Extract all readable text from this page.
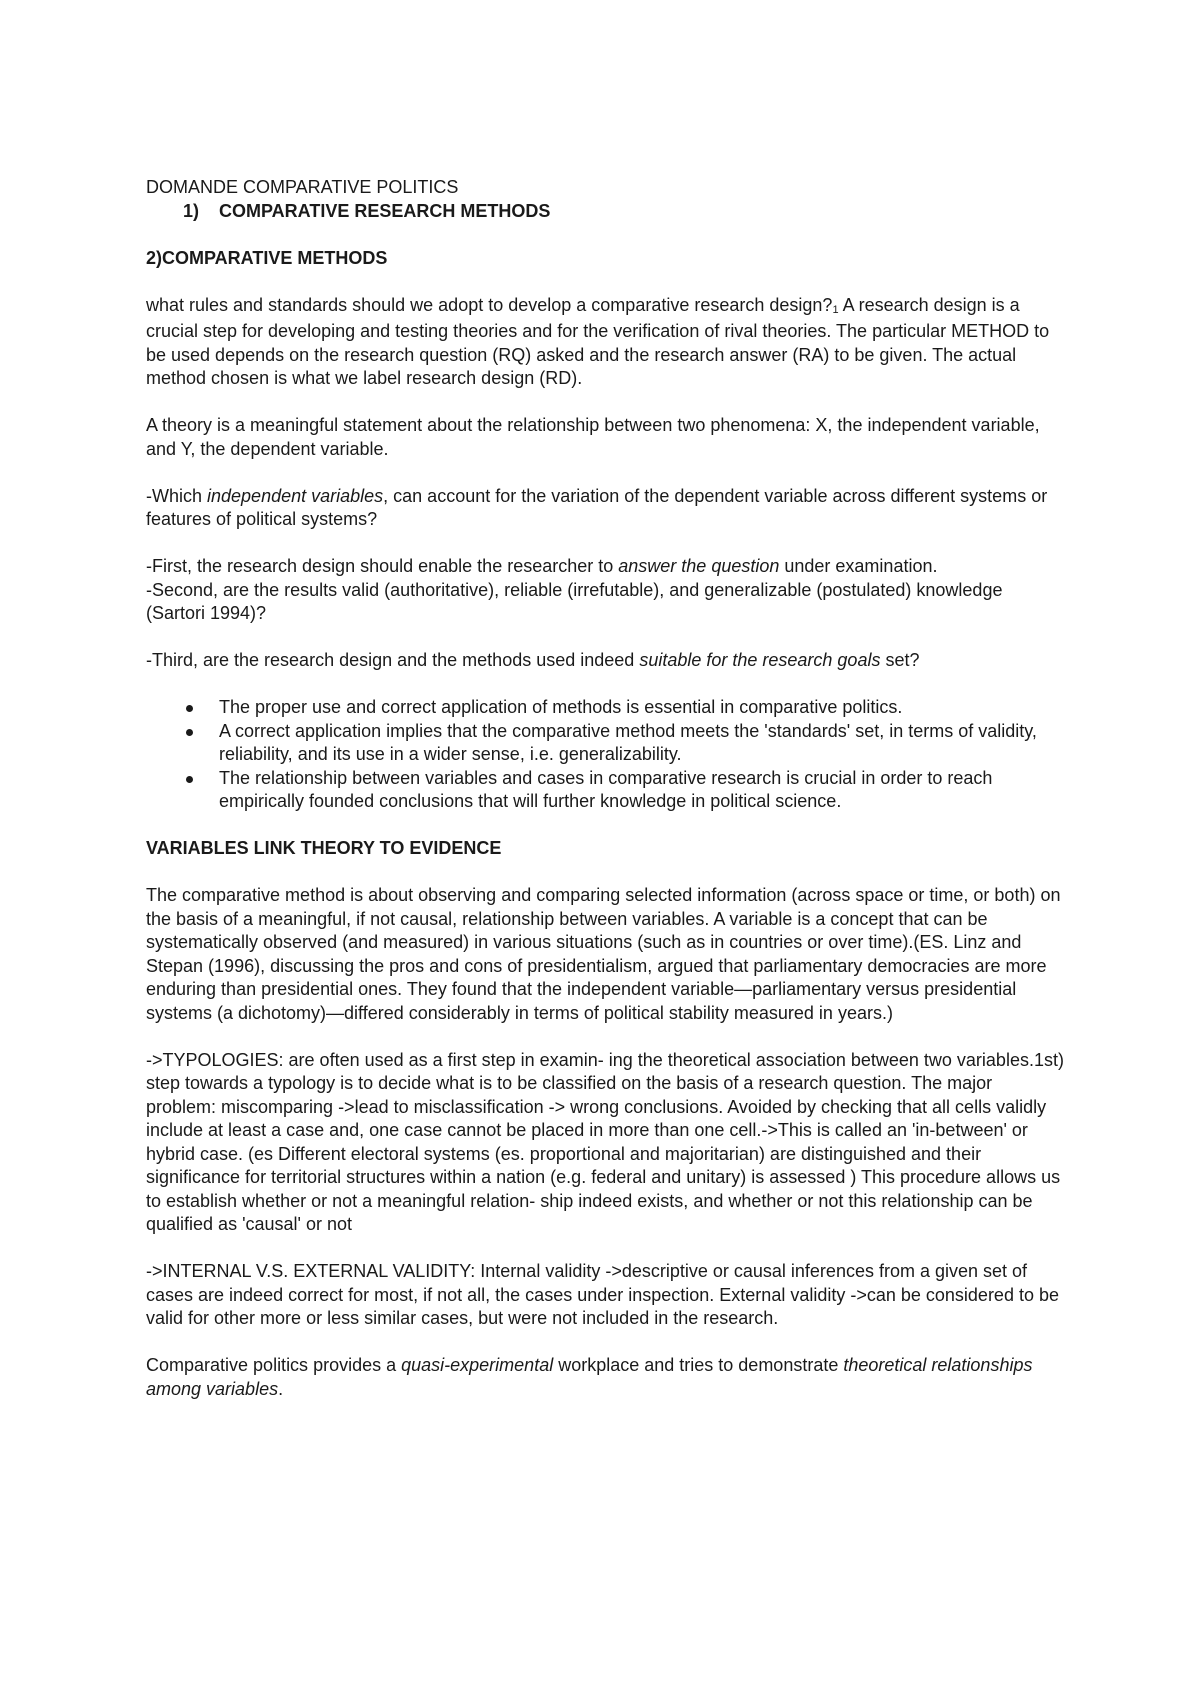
DOMANDE COMPARATIVE POLITICS

1) COMPARATIVE RESEARCH METHODS

2)COMPARATIVE METHODS

what rules and standards should we adopt to develop a comparative research design?1 A research design is a crucial step for developing and testing theories and for the verification of rival theories. The particular METHOD to be used depends on the research question (RQ) asked and the research answer (RA) to be given. The actual method chosen is what we label research design (RD).

A theory is a meaningful statement about the relationship between two phenomena: X, the independent variable, and Y, the dependent variable.

-Which independent variables, can account for the variation of the dependent variable across different systems or features of political systems?

-First, the research design should enable the researcher to answer the question under examination.

-Second, are the results valid (authoritative), reliable (irrefutable), and generalizable (postulated) knowledge (Sartori 1994)?

-Third, are the research design and the methods used indeed suitable for the research goals set?

The proper use and correct application of methods is essential in comparative politics.
A correct application implies that the comparative method meets the 'standards' set, in terms of validity, reliability, and its use in a wider sense, i.e. generalizability.
The relationship between variables and cases in comparative research is crucial in order to reach empirically founded conclusions that will further knowledge in political science.

VARIABLES LINK THEORY TO EVIDENCE

The comparative method is about observing and comparing selected information (across space or time, or both) on the basis of a meaningful, if not causal, relationship between variables. A variable is a concept that can be systematically observed (and measured) in various situations (such as in countries or over time).(ES. Linz and Stepan (1996), discussing the pros and cons of presidentialism, argued that parliamentary democracies are more enduring than presidential ones. They found that the independent variable—parliamentary versus presidential systems (a dichotomy)—differed considerably in terms of political stability measured in years.)

->TYPOLOGIES: are often used as a first step in examin- ing the theoretical association between two variables.1st) step towards a typology is to decide what is to be classified on the basis of a research question. The major problem: miscomparing ->lead to misclassification -> wrong conclusions. Avoided by checking that all cells validly include at least a case and, one case cannot be placed in more than one cell.->This is called an 'in-between' or hybrid case. (es Different electoral systems (es. proportional and majoritarian) are distinguished and their significance for territorial structures within a nation (e.g. federal and unitary) is assessed ) This procedure allows us to establish whether or not a meaningful relation- ship indeed exists, and whether or not this relationship can be qualified as 'causal' or not

->INTERNAL V.S. EXTERNAL VALIDITY: Internal validity ->descriptive or causal inferences from a given set of cases are indeed correct for most, if not all, the cases under inspection. External validity ->can be considered to be valid for other more or less similar cases, but were not included in the research.

Comparative politics provides a quasi-experimental workplace and tries to demonstrate theoretical relationships among variables.
